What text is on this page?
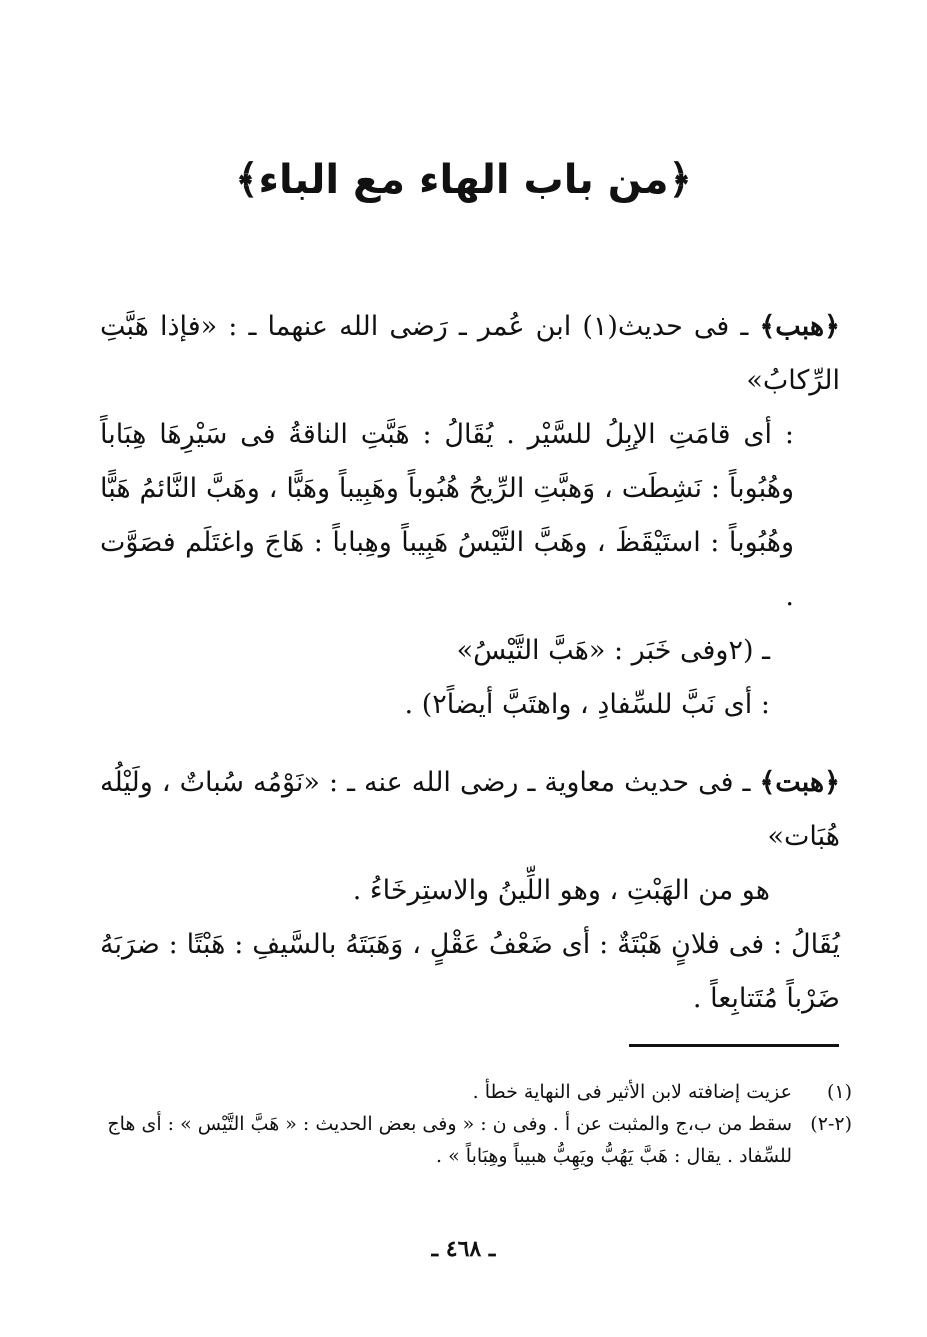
﴿من باب الهاء مع الباء﴾

﴿هبب﴾ ـ فى حديث(١) ابن عُمر ـ رَضى الله عنهما ـ : «فإذا هَبَّتِ الرِّكابُ»

: أى قامَتِ الإبِلُ للسَّيْر . يُقَالُ : هَبَّتِ الناقةُ فى سَيْرِهَا هِبَاباً وهُبُوباً : نَشِطَت ، وَهبَّتِ الرِّيحُ هُبُوباً وهَبِيباً وهَبًّا ، وهَبَّ النَّائمُ هَبًّا وهُبُوباً : استَيْقَظَ ، وهَبَّ التَّيْسُ هَبِيباً وهِباباً : هَاجَ واغتَلَم فصَوَّت .

ـ (٢وفى خَبَر : «هَبَّ التَّيْسُ»

: أى نَبَّ للسِّفادِ ، واهتَبَّ أيضاً٢) .

﴿هبت﴾ ـ فى حديث معاوية ـ رضى الله عنه ـ : «نَوْمُه سُباتٌ ، ولَيْلُه هُبَات»

هو من الهَبْتِ ، وهو اللِّينُ والاستِرخَاءُ .

يُقَالُ : فى فلانٍ هَبْتَةٌ : أى ضَعْفُ عَقْلٍ ، وَهَبَتَهُ بالسَّيفِ : هَبْتًا : ضرَبَهُ ضَرْباً مُتَتابِعاً .

(١)
عزيت إضافته لابن الأثير فى النهاية خطأ .
(٢-٢)
سقط من ب،ج والمثبت عن أ . وفى ن : « وفى بعض الحديث : « هَبَّ التَّيْس » : أى هاج للسِّفاد . يقال : هَبَّ يَهُبُّ ويَهِبُّ هبيباً وهِبَاباً » .
ـ ٤٦٨ ـ
